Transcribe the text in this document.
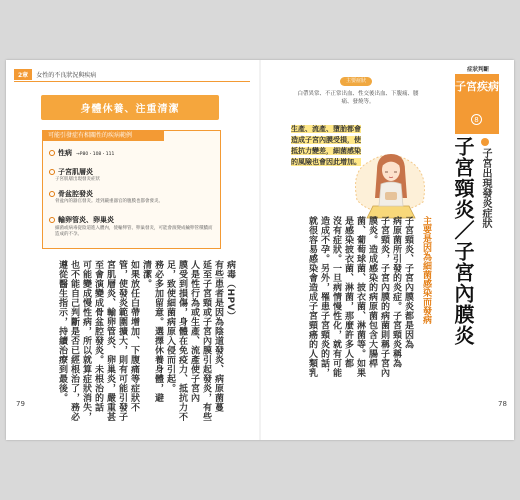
2章	女性的不良狀況與疾病
身體休養、注重清潔
可能引發症有相關性的疾病範例
性病 →P80・108・111
子宮肌層炎
子宮肌層出現發炎症狀
骨盆腔發炎
骨盆內的器官發炎。達到嚴重器官的腹膜也都會發炎。
輸卵管炎、卵巢炎
細菌或病毒從陰道進入體內，使輸卵管、卵巢發炎，可能會演變成輸卵管積膿而造成的不孕。
病毒（HPV）
有些患者是因為陰道發炎、病原菌蔓
延至子宮頸或子宮內膜引起發炎，有些
人是性行為或生產、流產使子宮內
膜受到損傷，身體在免疫力、抵抗力不
足，致使細菌病原入侵而引起。
務必多加留意。選擇休養身體，避
清潔。
如果放任白帶增加、下腹痛等症狀不
管，使發炎範圍擴大，則有可能引發子
宮肌層炎、輸卵管炎、卵巢炎，嚴重甚
至會演變成骨盆腔發炎。未根治的話
可能變成慢性病，所以就算症狀消失，
也不能自己判斷是否已經根治了，務必
遵從醫生指示，持續治療到最後。
79
主要症狀
白帶異常、不正常出血、性交後出血、下腹痛、腰痛、發燒等。
生產、流產、墮胎都會造成子宮內膜受損，使抵抗力變差，細菌感染的風險也會因此增加。
症狀判斷
子宮疾病
8
子宮出現發炎症狀
子宮頸炎／子宮內膜炎
主要是因為細菌感染而發病
子宮頸炎、子宮內膜炎都是因為
病原菌所引發的炎症。子宮頸炎稱為
子宮頸炎，子宮內膜的病菌則稱子宮內
膜炎。造成感染的病原菌包含大腸桿
菌、葡萄球菌、披衣菌、淋菌等。如果
是感染披衣菌、淋菌，那麼許多人都
沒有症狀。一旦病情慢性化，就有可能
造成不孕。另外，罹患子宮頸炎的話，
就很容易感染會造成子宮頸癌的人類乳
78
